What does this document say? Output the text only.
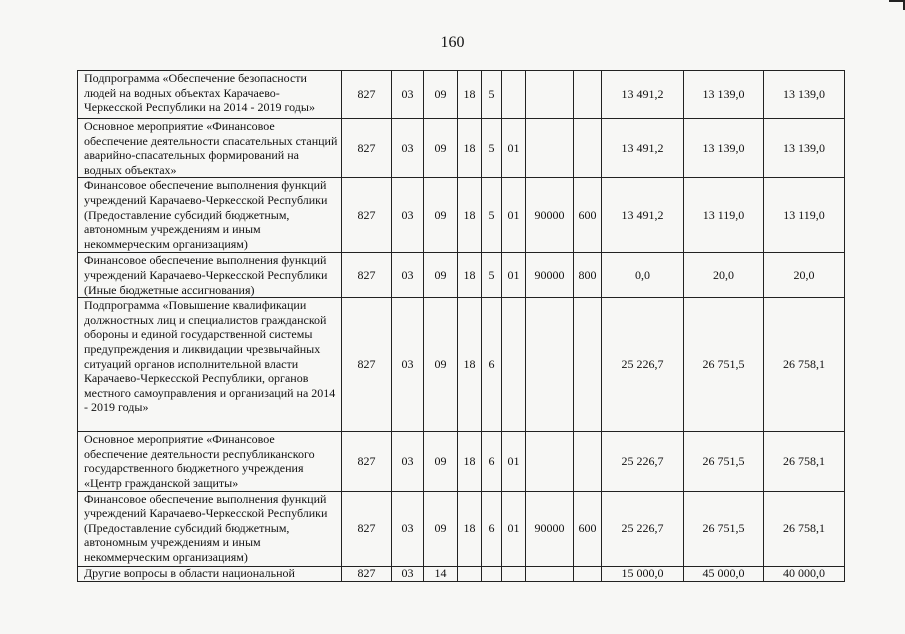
160
Подпрограмма «Обеспечение безопасности людей на водных объектах Карачаево-Черкесской Республики на 2014 - 2019 годы»	827	03	09	18	5				13 491,2	13 139,0	13 139,0
Основное мероприятие «Финансовое обеспечение деятельности спасательных станций аварийно-спасательных формирований на водных объектах»	827	03	09	18	5	01			13 491,2	13 139,0	13 139,0
Финансовое обеспечение выполнения функций учреждений Карачаево-Черкесской Республики (Предоставление субсидий бюджетным, автономным учреждениям и иным некоммерческим организациям)	827	03	09	18	5	01	90000	600	13 491,2	13 119,0	13 119,0
Финансовое обеспечение выполнения функций учреждений Карачаево-Черкесской Республики (Иные бюджетные ассигнования)	827	03	09	18	5	01	90000	800	0,0	20,0	20,0
Подпрограмма «Повышение квалификации должностных лиц и специалистов гражданской обороны и единой государственной системы предупреждения и ликвидации чрезвычайных ситуаций органов исполнительной власти Карачаево-Черкесской Республики, органов местного самоуправления и организаций на 2014 - 2019 годы»	827	03	09	18	6				25 226,7	26 751,5	26 758,1
Основное мероприятие «Финансовое обеспечение деятельности республиканского государственного бюджетного учреждения «Центр гражданской защиты»	827	03	09	18	6	01			25 226,7	26 751,5	26 758,1
Финансовое обеспечение выполнения функций учреждений Карачаево-Черкесской Республики (Предоставление субсидий бюджетным, автономным учреждениям и иным некоммерческим организациям)	827	03	09	18	6	01	90000	600	25 226,7	26 751,5	26 758,1
Другие вопросы в области национальной	827	03	14						15 000,0	45 000,0	40 000,0
